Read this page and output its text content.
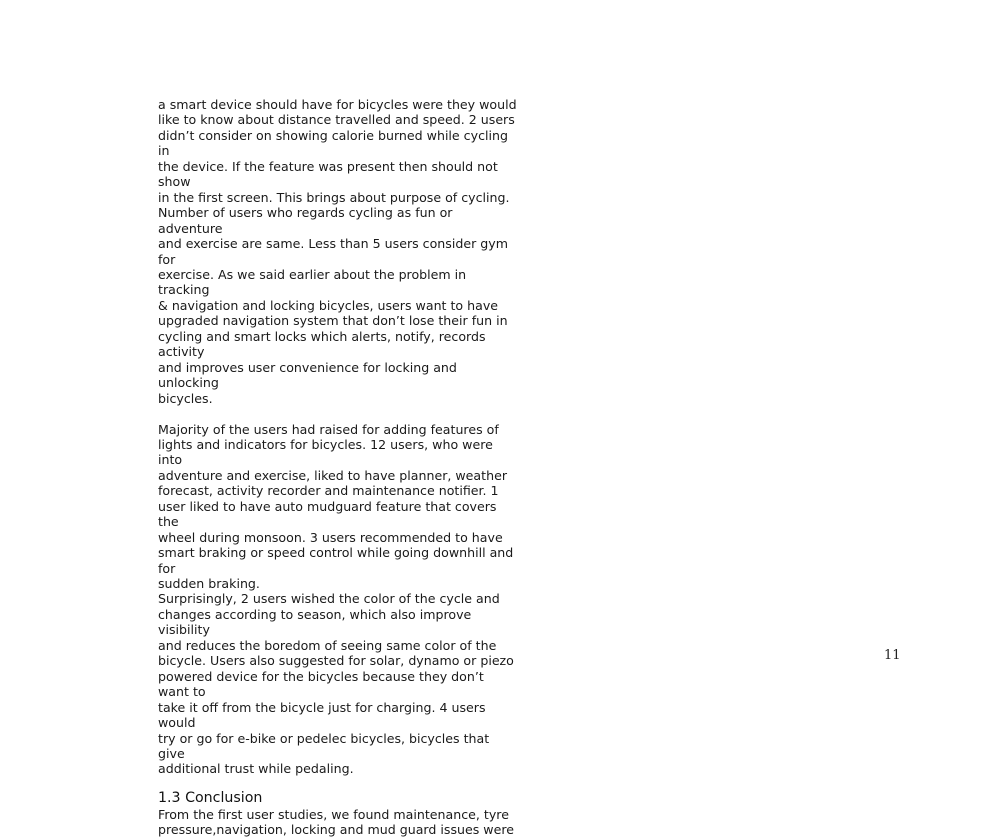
a smart device should have for bicycles were they would
like to know about distance travelled and speed. 2 users
didn’t consider on showing calorie burned while cycling in
the device. If the feature was present then should not show
in the first screen. This brings about purpose of cycling.
Number of users who regards cycling as fun or adventure
and exercise are same. Less than 5 users consider gym for
exercise. As we said earlier about the problem in tracking
& navigation and locking bicycles, users want to have
upgraded navigation system that don’t lose their fun in
cycling and smart locks which alerts, notify, records activity
and improves user convenience for locking and unlocking
bicycles.

Majority of the users had raised for adding features of
lights and indicators for bicycles. 12 users, who were into
adventure and exercise, liked to have planner, weather
forecast, activity recorder and maintenance notifier. 1
user liked to have auto mudguard feature that covers the
wheel during monsoon. 3 users recommended to have
smart braking or speed control while going downhill and for
sudden braking.

Surprisingly, 2 users wished the color of the cycle and
changes according to season, which also improve visibility
and reduces the boredom of seeing same color of the
bicycle. Users also suggested for solar, dynamo or piezo
powered device for the bicycles because they don’t want to
take it off from the bicycle just for charging. 4 users would
try or go for e-bike or pedelec bicycles, bicycles that give
additional trust while pedaling.

1.3 Conclusion

From the first user studies, we found maintenance, tyre
pressure,navigation, locking and mud guard issues were

11
